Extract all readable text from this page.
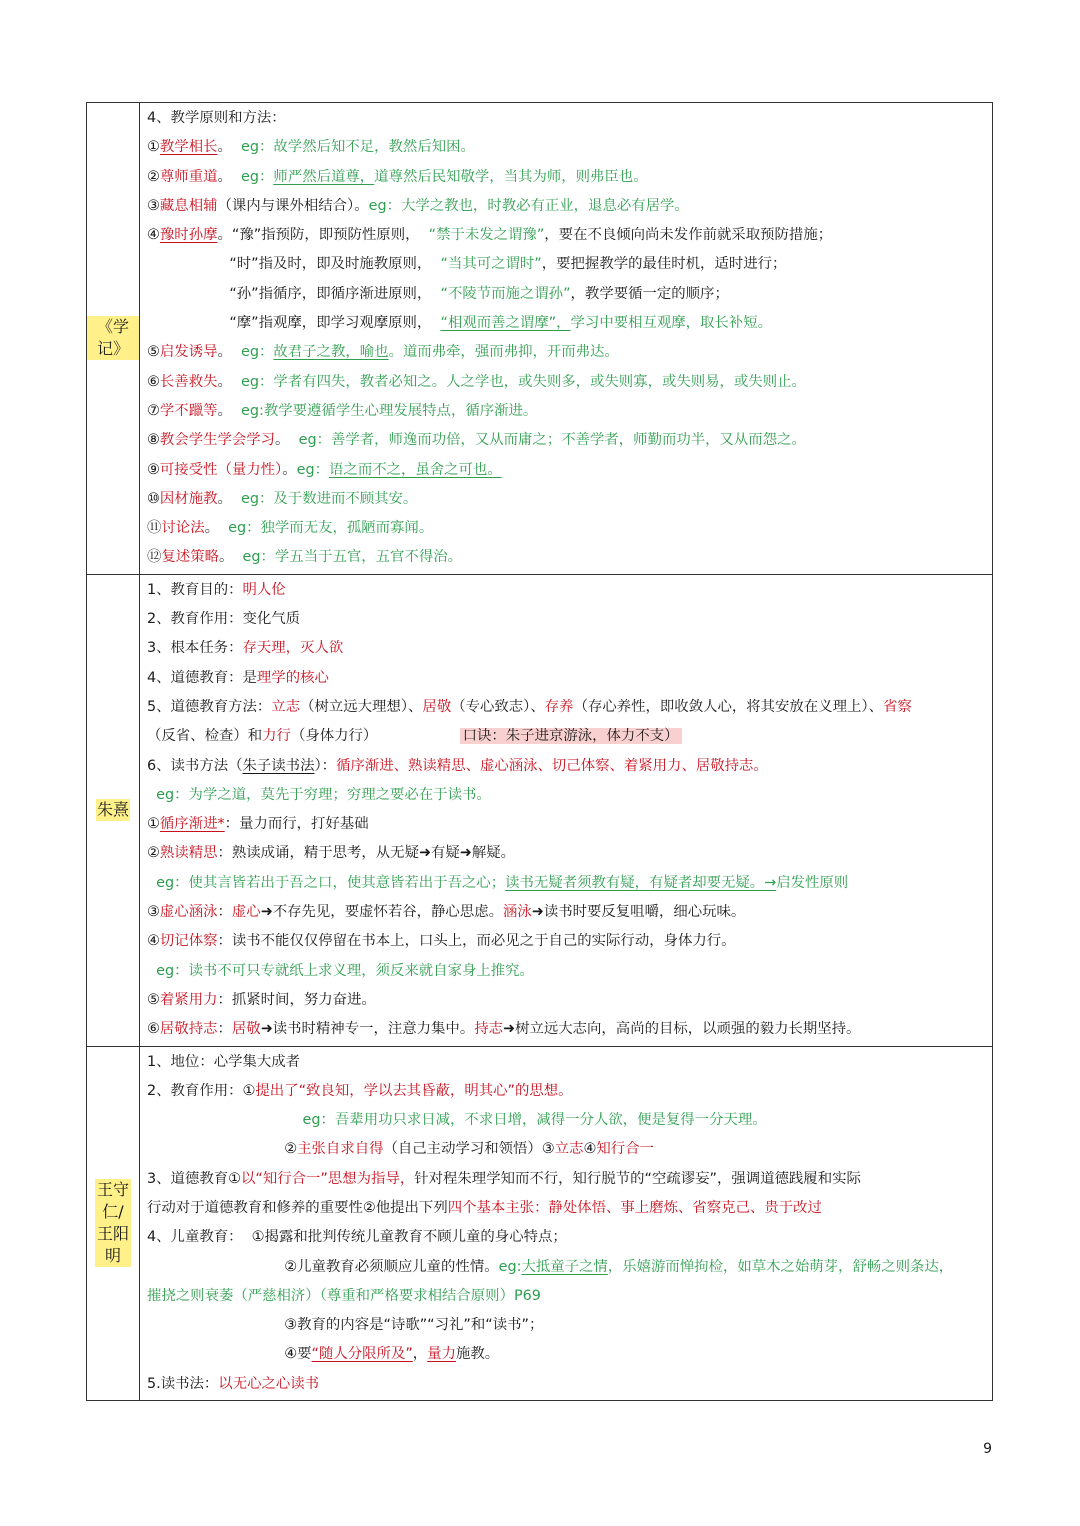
《学记》
4、教学原则和方法：
①教学相长。  eg：故学然后知不足，教然后知困。
②尊师重道。  eg：师严然后道尊，道尊然后民知敬学，当其为师，则弗臣也。
③藏息相辅（课内与课外相结合）。eg：大学之教也，时教必有正业，退息必有居学。
④豫时孙摩。“豫”指预防，即预防性原则，  “禁于未发之谓豫”，要在不良倾向尚未发作前就采取预防措施；
“时”指及时，即及时施教原则，  “当其可之谓时”，要把握教学的最佳时机，适时进行；
“孙”指循序，即循序渐进原则，  “不陵节而施之谓孙”，教学要循一定的顺序；
“摩”指观摩，即学习观摩原则，  “相观而善之谓摩”，学习中要相互观摩，取长补短。
⑤启发诱导。  eg：故君子之教，喻也。道而弗牵，强而弗抑，开而弗达。
⑥长善救失。  eg：学者有四失，教者必知之。人之学也，或失则多，或失则寡，或失则易，或失则止。
⑦学不躐等。  eg:教学要遵循学生心理发展特点，循序渐进。
⑧教会学生学会学习。  eg：善学者，师逸而功倍，又从而庸之；不善学者，师勤而功半，又从而怨之。
⑨可接受性（量力性）。eg：语之而不之，虽舍之可也。
⑩因材施教。  eg：及于数进而不顾其安。
⑪讨论法。  eg：独学而无友，孤陋而寡闻。
⑫复述策略。  eg：学五当于五官，五官不得治。
朱熹
1、教育目的：明人伦
2、教育作用：变化气质
3、根本任务：存天理，灭人欲
4、道德教育：是理学的核心
5、道德教育方法：立志（树立远大理想）、居敬（专心致志）、存养（存心养性，即收敛人心，将其安放在义理上）、省察
（反省、检查）和力行（身体力行）                  口诀：朱子进京游泳，体力不支）
6、读书方法（朱子读书法）：循序渐进、熟读精思、虚心涵泳、切己体察、着紧用力、居敬持志。
eg：为学之道，莫先于穷理；穷理之要必在于读书。
①循序渐进*：量力而行，打好基础
②熟读精思：熟读成诵，精于思考，从无疑➜有疑➜解疑。
eg：使其言皆若出于吾之口，使其意皆若出于吾之心；读书无疑者须教有疑，有疑者却要无疑。→启发性原则
③虚心涵泳：虚心➜不存先见，要虚怀若谷，静心思虑。涵泳➜读书时要反复咀嚼，细心玩味。
④切记体察：读书不能仅仅停留在书本上，口头上，而必见之于自己的实际行动，身体力行。
eg：读书不可只专就纸上求义理，须反来就自家身上推究。
⑤着紧用力：抓紧时间，努力奋进。
⑥居敬持志：居敬➜读书时精神专一，注意力集中。持志➜树立远大志向，高尚的目标，以顽强的毅力长期坚持。
王守仁/王阳明
1、地位：心学集大成者
2、教育作用：①提出了“致良知，学以去其昏蔽，明其心”的思想。
eg：吾辈用功只求日减，不求日增，减得一分人欲，便是复得一分天理。
②主张自求自得（自己主动学习和领悟）③立志④知行合一
3、道德教育①以“知行合一”思想为指导，针对程朱理学知而不行，知行脱节的“空疏谬妄”，强调道德践履和实际
行动对于道德教育和修养的重要性②他提出下列四个基本主张：静处体悟、事上磨炼、省察克己、贵于改过
4、儿童教育：  ①揭露和批判传统儿童教育不顾儿童的身心特点；
②儿童教育必须顺应儿童的性情。eg:大抵童子之情，乐嬉游而惮拘检，如草木之始萌芽，舒畅之则条达，
摧挠之则衰萎（严慈相济）（尊重和严格要求相结合原则）P69
③教育的内容是“诗歌”“习礼”和“读书”；
④要“随人分限所及”，量力施教。
5.读书法：以无心之心读书
9
